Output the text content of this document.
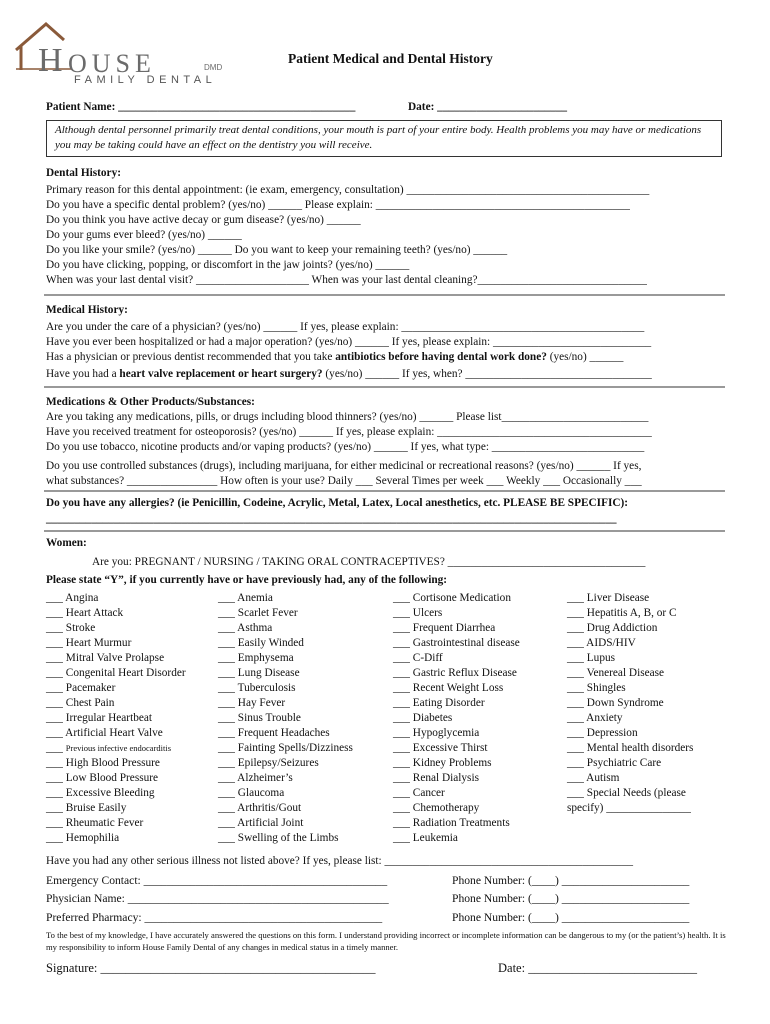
H OUSE	DMD
FAMILY DENTAL
Patient Medical and Dental History
Patient Name: __________________________________________	Date: _______________________
Although dental personnel primarily treat dental conditions, your mouth is part of your entire body. Health problems you may have or medications you may be taking could have an effect on the dentistry you will receive.
Dental History:
Primary reason for this dental appointment: (ie exam, emergency, consultation) ___________________________________________
Do you have a specific dental problem? (yes/no) ______ Please explain: _____________________________________________
Do you think you have active decay or gum disease? (yes/no) ______
Do your gums ever bleed? (yes/no) ______
Do you like your smile? (yes/no) ______ Do you want to keep your remaining teeth? (yes/no) ______
Do you have clicking, popping, or discomfort in the jaw joints? (yes/no) ______
When was your last dental visit? ____________________ When was your last dental cleaning?______________________________
Medical History:
Are you under the care of a physician? (yes/no) ______ If yes, please explain: ___________________________________________
Have you ever been hospitalized or had a major operation? (yes/no) ______ If yes, please explain: ____________________________
Has a physician or previous dentist recommended that you take antibiotics before having dental work done? (yes/no) ______
Have you had a heart valve replacement or heart surgery? (yes/no) ______ If yes, when? _________________________________
Medications & Other Products/Substances:
Are you taking any medications, pills, or drugs including blood thinners? (yes/no) ______ Please list__________________________
Have you received treatment for osteoporosis? (yes/no) ______ If yes, please explain: ______________________________________
Do you use tobacco, nicotine products and/or vaping products? (yes/no) ______ If yes, what type: ___________________________
Do you use controlled substances (drugs), including marijuana, for either medicinal or recreational reasons? (yes/no) ______ If yes,
what substances? ________________ How often is your use? Daily ___ Several Times per week ___ Weekly ___ Occasionally ___
Do you have any allergies? (ie Penicillin, Codeine, Acrylic, Metal, Latex, Local anesthetics, etc. PLEASE BE SPECIFIC):
_____________________________________________________________________________________________________
Women:
Are you: PREGNANT / NURSING / TAKING ORAL CONTRACEPTIVES? ___________________________________
Please state “Y”, if you currently have or have previously had, any of the following:
___ Angina
___ Heart Attack
___ Stroke
___ Heart Murmur
___ Mitral Valve Prolapse
___ Congenital Heart Disorder
___ Pacemaker
___ Chest Pain
___ Irregular Heartbeat
___ Artificial Heart Valve
___ Previous infective endocarditis
___ High Blood Pressure
___ Low Blood Pressure
___ Excessive Bleeding
___ Bruise Easily
___ Rheumatic Fever
___ Hemophilia
___ Anemia
___ Scarlet Fever
___ Asthma
___ Easily Winded
___ Emphysema
___ Lung Disease
___ Tuberculosis
___ Hay Fever
___ Sinus Trouble
___ Frequent Headaches
___ Fainting Spells/Dizziness
___ Epilepsy/Seizures
___ Alzheimer’s
___ Glaucoma
___ Arthritis/Gout
___ Artificial Joint
___ Swelling of the Limbs
___ Cortisone Medication
___ Ulcers
___ Frequent Diarrhea
___ Gastrointestinal disease
___ C-Diff
___ Gastric Reflux Disease
___ Recent Weight Loss
___ Eating Disorder
___ Diabetes
___ Hypoglycemia
___ Excessive Thirst
___ Kidney Problems
___ Renal Dialysis
___ Cancer
___ Chemotherapy
___ Radiation Treatments
___ Leukemia
___ Liver Disease
___ Hepatitis A, B, or C
___ Drug Addiction
___ AIDS/HIV
___ Lupus
___ Venereal Disease
___ Shingles
___ Down Syndrome
___ Anxiety
___ Depression
___ Mental health disorders
___ Psychiatric Care
___ Autism
___ Special Needs (please
specify) _______________
Have you had any other serious illness not listed above? If yes, please list: ____________________________________________
Emergency Contact: __________________________________________	Phone Number: (____) ______________________
Physician Name: _____________________________________________	Phone Number: (____) ______________________
Preferred Pharmacy: _________________________________________	Phone Number: (____) ______________________
To the best of my knowledge, I have accurately answered the questions on this form. I understand providing incorrect or incomplete information can be dangerous to my (or the patient’s) health. It is my responsibility to inform House Family Dental of any changes in medical status in a timely manner.
Signature: ____________________________________________	Date: ___________________________
